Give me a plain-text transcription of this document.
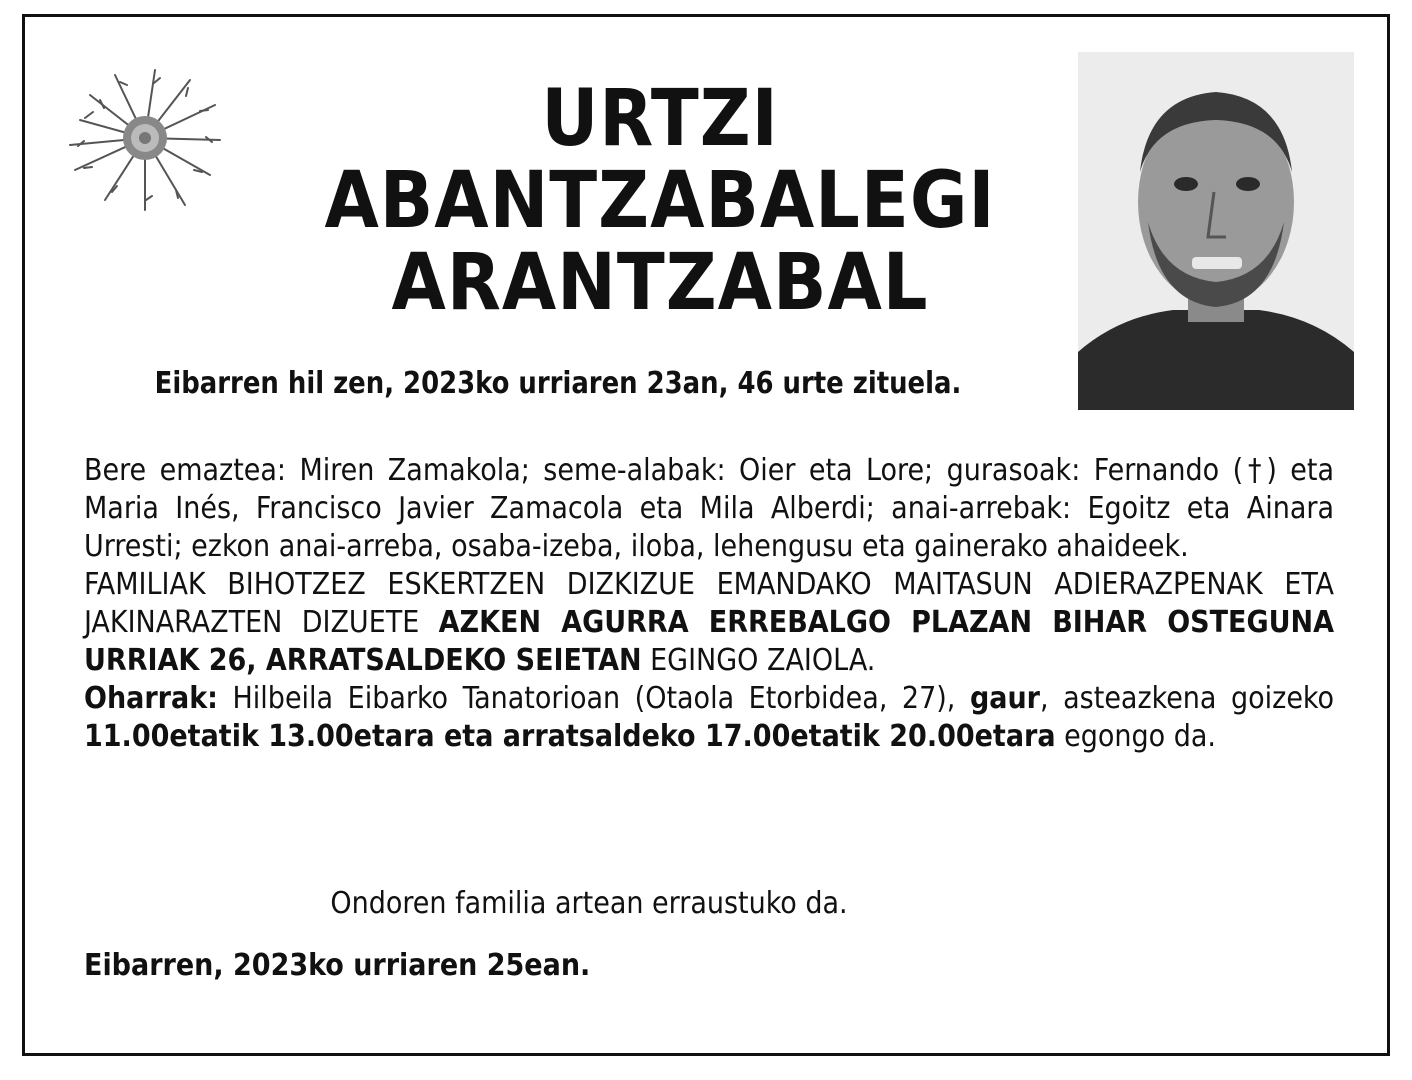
URTZI
ABANTZABALEGI
ARANTZABAL

Eibarren hil zen, 2023ko urriaren 23an, 46 urte zituela.

Bere emaztea: Miren Zamakola; seme-alabak: Oier eta Lore; gurasoak: Fernando (†) eta Maria Inés, Francisco Javier Zamacola eta Mila Alberdi; anai-arrebak: Egoitz eta Ainara Urresti; ezkon anai-arreba, osaba-izeba, iloba, lehengusu eta gainerako ahaideek.

FAMILIAK BIHOTZEZ ESKERTZEN DIZKIZUE EMANDAKO MAITASUN ADIERAZPENAK ETA JAKINARAZTEN DIZUETE AZKEN AGURRA ERREBALGO PLAZAN BIHAR OSTEGUNA URRIAK 26, ARRATSALDEKO SEIETAN EGINGO ZAIOLA.

Oharrak: Hilbeila Eibarko Tanatorioan (Otaola Etorbidea, 27), gaur, asteazkena goizeko 11.00etatik 13.00etara eta arratsaldeko 17.00etatik 20.00etara egongo da.

Ondoren familia artean erraustuko da.

Eibarren, 2023ko urriaren 25ean.
